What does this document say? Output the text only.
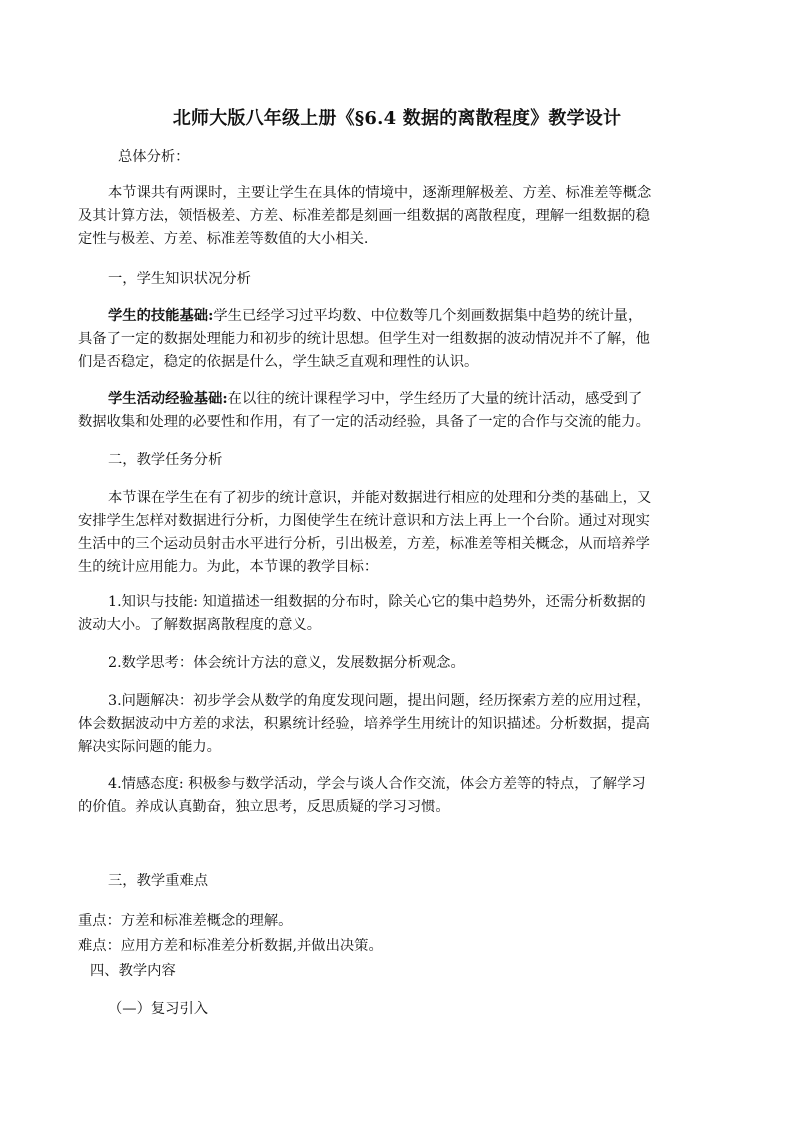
北师大版八年级上册《§6.4 数据的离散程度》教学设计
总体分析：
本节课共有两课时，主要让学生在具体的情境中，逐渐理解极差、方差、标准差等概念
及其计算方法，领悟极差、方差、标准差都是刻画一组数据的离散程度，理解一组数据的稳
定性与极差、方差、标准差等数值的大小相关.
一，学生知识状况分析
学生的技能基础:学生已经学习过平均数、中位数等几个刻画数据集中趋势的统计量，
具备了一定的数据处理能力和初步的统计思想。但学生对一组数据的波动情况并不了解，他
们是否稳定，稳定的依据是什么，学生缺乏直观和理性的认识。
学生活动经验基础:在以往的统计课程学习中，学生经历了大量的统计活动，感受到了
数据收集和处理的必要性和作用，有了一定的活动经验，具备了一定的合作与交流的能力。
二，教学任务分析
本节课在学生在有了初步的统计意识，并能对数据进行相应的处理和分类的基础上，又
安排学生怎样对数据进行分析，力图使学生在统计意识和方法上再上一个台阶。通过对现实
生活中的三个运动员射击水平进行分析，引出极差，方差，标准差等相关概念，从而培养学
生的统计应用能力。为此，本节课的教学目标：
1.知识与技能: 知道描述一组数据的分布时，除关心它的集中趋势外，还需分析数据的
波动大小。了解数据离散程度的意义。
2.数学思考：体会统计方法的意义，发展数据分析观念。
3.问题解决：初步学会从数学的角度发现问题，提出问题，经历探索方差的应用过程，
体会数据波动中方差的求法，积累统计经验，培养学生用统计的知识描述。分析数据，提高
解决实际问题的能力。
4.情感态度: 积极参与数学活动，学会与谈人合作交流，体会方差等的特点，了解学习
的价值。养成认真勤奋，独立思考，反思质疑的学习习惯。
三，教学重难点
重点：方差和标准差概念的理解。
难点：应用方差和标准差分析数据,并做出决策。
四、教学内容
（—）复习引入
